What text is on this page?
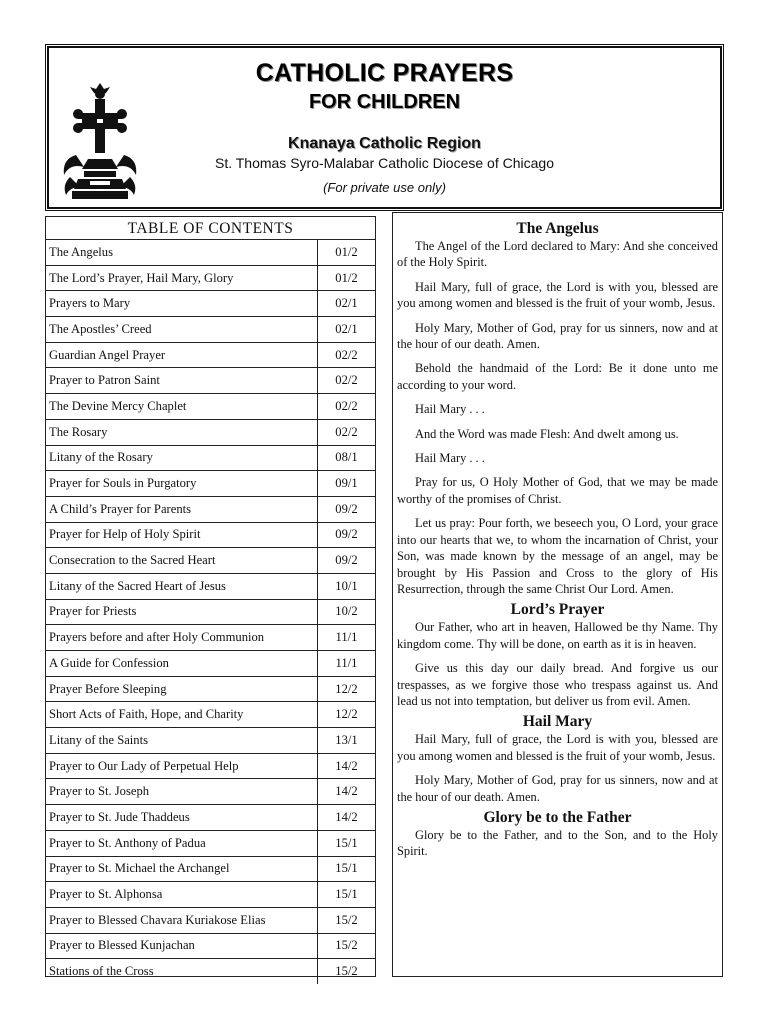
CATHOLIC PRAYERS
FOR CHILDREN
Knanaya Catholic Region
St. Thomas Syro-Malabar Catholic Diocese of Chicago
(For private use only)
TABLE OF CONTENTS
The Angelus	01/2
The Lord’s Prayer, Hail Mary, Glory	01/2
Prayers to Mary	02/1
The Apostles’ Creed	02/1
Guardian Angel Prayer	02/2
Prayer to Patron Saint	02/2
The Devine Mercy Chaplet	02/2
The Rosary	02/2
Litany of the Rosary	08/1
Prayer for Souls in Purgatory	09/1
A Child’s Prayer for Parents	09/2
Prayer for Help of Holy Spirit	09/2
Consecration to the Sacred Heart	09/2
Litany of the Sacred Heart of Jesus	10/1
Prayer for Priests	10/2
Prayers before and after Holy Communion	11/1
A Guide for Confession	11/1
Prayer Before Sleeping	12/2
Short Acts of Faith, Hope, and Charity	12/2
Litany of the Saints	13/1
Prayer to Our Lady of Perpetual Help	14/2
Prayer to St. Joseph	14/2
Prayer to St. Jude Thaddeus	14/2
Prayer to St. Anthony of Padua	15/1
Prayer to St. Michael the Archangel	15/1
Prayer to St. Alphonsa	15/1
Prayer to Blessed Chavara Kuriakose Elias	15/2
Prayer to Blessed Kunjachan	15/2
Stations of the Cross	15/2
The Angelus

The Angel of the Lord declared to Mary: And she conceived of the Holy Spirit.

Hail Mary, full of grace, the Lord is with you, blessed are you among women and blessed is the fruit of your womb, Jesus.

Holy Mary, Mother of God, pray for us sinners, now and at the hour of our death. Amen.

Behold the handmaid of the Lord: Be it done unto me according to your word.

Hail Mary . . .

And the Word was made Flesh: And dwelt among us.

Hail Mary . . .

Pray for us, O Holy Mother of God, that we may be made worthy of the promises of Christ.

Let us pray: Pour forth, we beseech you, O Lord, your grace into our hearts that we, to whom the incarnation of Christ, your Son, was made known by the message of an angel, may be brought by His Passion and Cross to the glory of His Resurrection, through the same Christ Our Lord. Amen.

Lord’s Prayer

Our Father, who art in heaven, Hallowed be thy Name. Thy kingdom come. Thy will be done, on earth as it is in heaven.

Give us this day our daily bread. And forgive us our trespasses, as we forgive those who trespass against us. And lead us not into temptation, but deliver us from evil. Amen.

Hail Mary

Hail Mary, full of grace, the Lord is with you, blessed are you among women and blessed is the fruit of your womb, Jesus.

Holy Mary, Mother of God, pray for us sinners, now and at the hour of our death. Amen.

Glory be to the Father

Glory be to the Father, and to the Son, and to the Holy Spirit.
